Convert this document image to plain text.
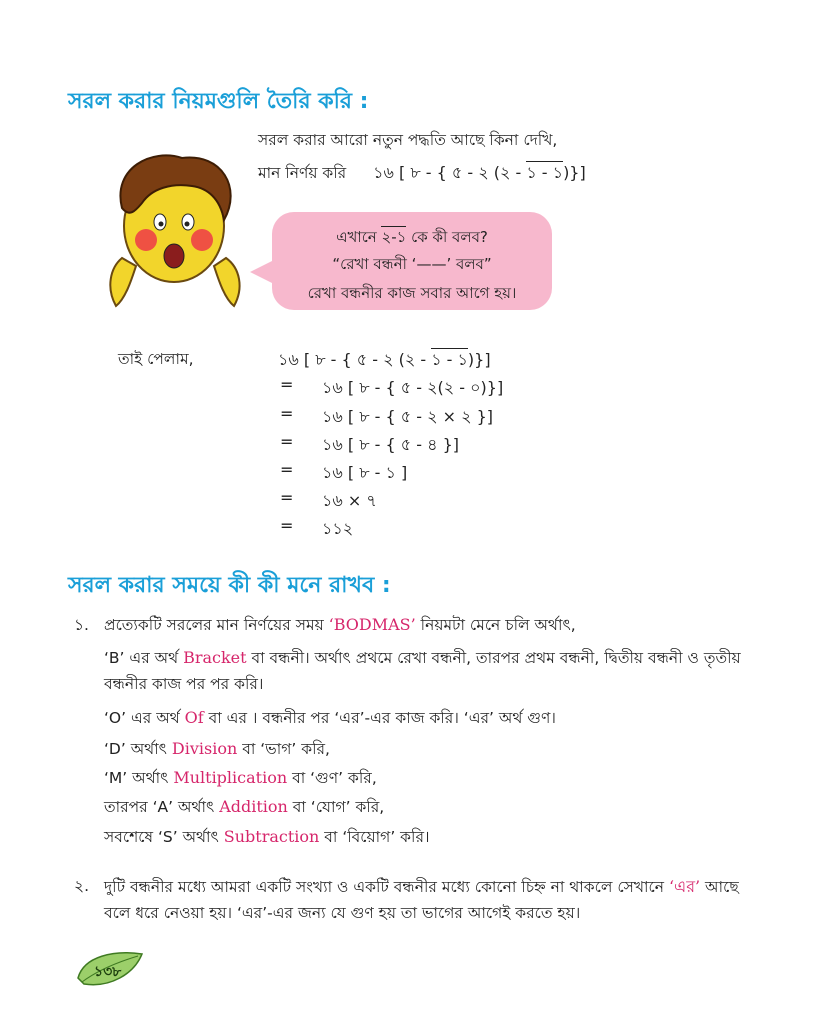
সরল করার নিয়মগুলি তৈরি করি :
সরল করার আরো নতুন পদ্ধতি আছে কিনা দেখি,
মান নির্ণয় করি ১৬ [ ৮ - { ৫ - ২ (২ - ১ - ১)}]
এখানে ২-১ কে কী বলব?
“রেখা বন্ধনী ‘——’ বলব”
রেখা বন্ধনীর কাজ সবার আগে হয়।
তাই পেলাম,	১৬ [ ৮ - { ৫ - ২ (২ - ১ - ১)}]
= ১৬ [ ৮ - { ৫ - ২(২ - ০)}]
= ১৬ [ ৮ - { ৫ - ২ × ২ }]
= ১৬ [ ৮ - { ৫ - ৪ }]
= ১৬ [ ৮ - ১ ]
= ১৬ × ৭
= ১১২
সরল করার সময়ে কী কী মনে রাখব :
১. প্রত্যেকটি সরলের মান নির্ণয়ের সময় ‘BODMAS’ নিয়মটা মেনে চলি অর্থাৎ,
‘B’ এর অর্থ Bracket বা বন্ধনী। অর্থাৎ প্রথমে রেখা বন্ধনী, তারপর প্রথম বন্ধনী, দ্বিতীয় বন্ধনী ও তৃতীয়
বন্ধনীর কাজ পর পর করি।
‘O’ এর অর্থ Of বা এর । বন্ধনীর পর ‘এর’-এর কাজ করি। ‘এর’ অর্থ গুণ।
‘D’ অর্থাৎ Division বা ‘ভাগ’ করি,
‘M’ অর্থাৎ Multiplication বা ‘গুণ’ করি,
তারপর ‘A’ অর্থাৎ Addition বা ‘যোগ’ করি,
সবশেষে ‘S’ অর্থাৎ Subtraction বা ‘বিয়োগ’ করি।
২. দুটি বন্ধনীর মধ্যে আমরা একটি সংখ্যা ও একটি বন্ধনীর মধ্যে কোনো চিহ্ন না থাকলে সেখানে ‘এর’ আছে
বলে ধরে নেওয়া হয়। ‘এর’-এর জন্য যে গুণ হয় তা ভাগের আগেই করতে হয়।
১৩৮
